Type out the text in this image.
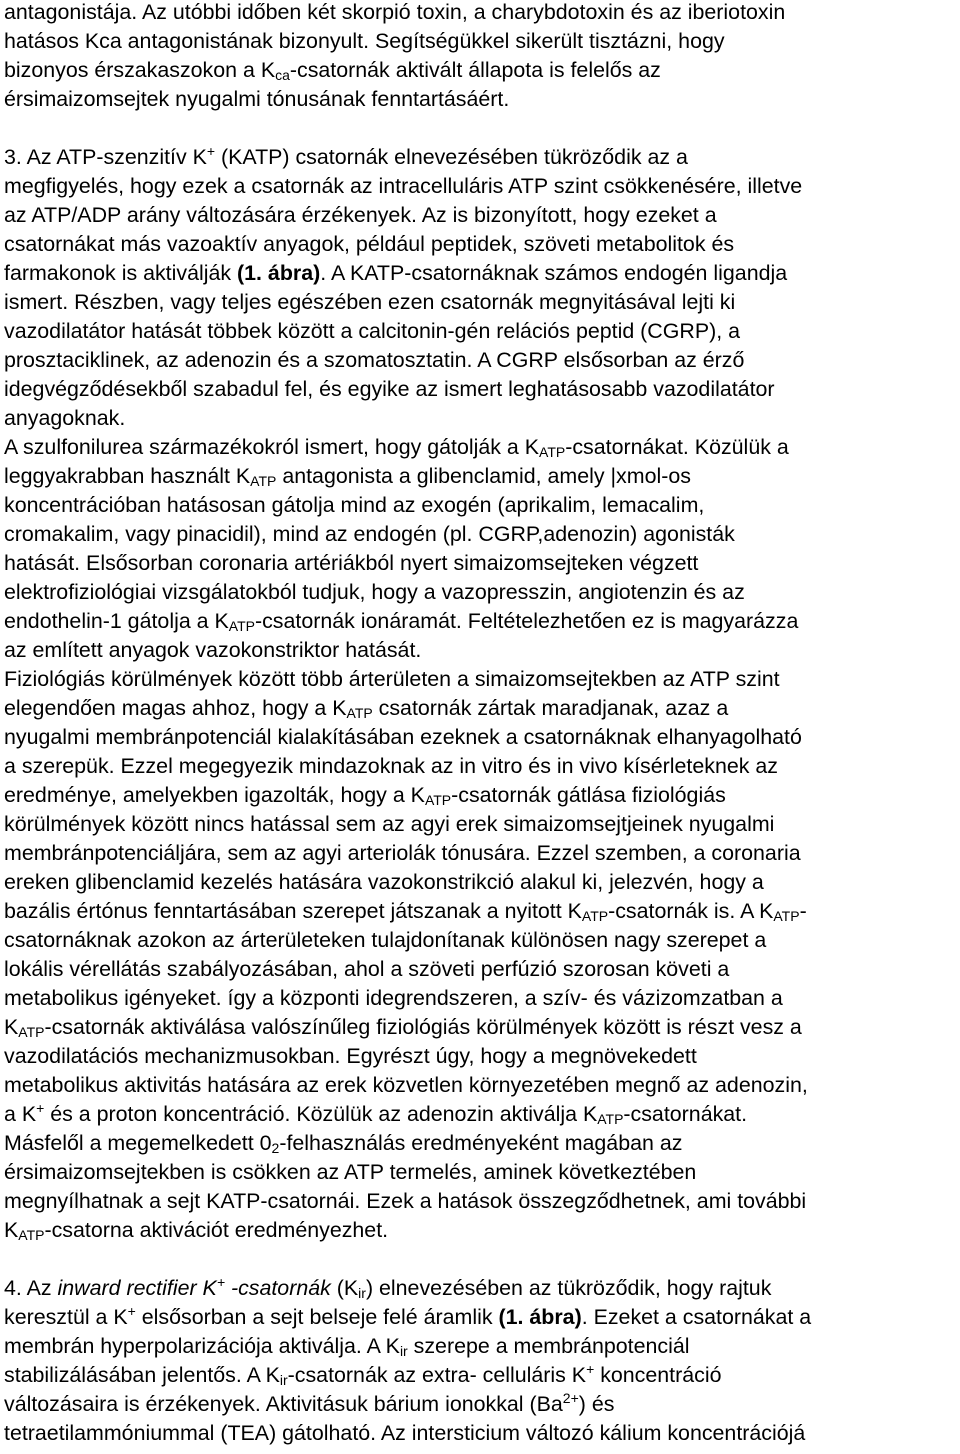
antagonistája. Az utóbbi időben két skorpió toxin, a charybdotoxin és az iberiotoxin
hatásos Kca antagonistának bizonyult. Segítségükkel sikerült tisztázni, hogy
bizonyos érszakaszokon a $K_{ca}$-csatornák aktivált állapota is felelős az
érsimaizomsejtek nyugalmi tónusának fenntartásáért.
3. Az ATP-szenzitív K+ (KATP) csatornák elnevezésében tükröződik az a
megfigyelés, hogy ezek a csatornák az intracelluláris ATP szint csökkenésére, illetve
az ATP/ADP arány változására érzékenyek. Az is bizonyított, hogy ezeket a
csatornákat más vazoaktív anyagok, például peptidek, szöveti metabolitok és
farmakonok is aktiválják (1. ábra). A KATP-csatornáknak számos endogén ligandja
ismert. Részben, vagy teljes egészében ezen csatornák megnyitásával lejti ki
vazodilatátor hatását többek között a calcitonin-gén relációs peptid (CGRP), a
prosztaciklinek, az adenozin és a szomatosztatin. A CGRP elsősorban az érző
idegvégződésekből szabadul fel, és egyike az ismert leghatásosabb vazodilatátor
anyagoknak.
A szulfonilurea származékokról ismert, hogy gátolják a $K_{ATP}$-csatornákat. Közülük a
leggyakrabban használt $K_{ATP}$ antagonista a glibenclamid, amely |xmol-os
koncentrációban hatásosan gátolja mind az exogén (aprikalim, lemacalim,
cromakalim, vagy pinacidil), mind az endogén (pl. CGRP,adenozin) agonisták
hatását. Elsősorban coronaria artériákból nyert simaizomsejteken végzett
elektrofiziológiai vizsgálatokból tudjuk, hogy a vazopresszin, angiotenzin és az
endothelin-1 gátolja a $K_{ATP}$-csatornák ionáramát. Feltételezhetően ez is magyarázza
az említett anyagok vazokonstriktor hatását.
Fiziológiás körülmények között több árterületen a simaizomsejtekben az ATP szint
elegendően magas ahhoz, hogy a $K_{ATP}$ csatornák zártak maradjanak, azaz a
nyugalmi membránpotenciál kialakításában ezeknek a csatornáknak elhanyagolható
a szerepük. Ezzel megegyezik mindazoknak az in vitro és in vivo kísérleteknek az
eredménye, amelyekben igazolták, hogy a $K_{ATP}$-csatornák gátlása fiziológiás
körülmények között nincs hatással sem az agyi erek simaizomsejtjeinek nyugalmi
membránpotenciáljára, sem az agyi arteriolák tónusára. Ezzel szemben, a coronaria
ereken glibenclamid kezelés hatására vazokonstrikció alakul ki, jelezvén, hogy a
bazális értónus fenntartásában szerepet játszanak a nyitott $K_{ATP}$-csatornák is. A $K_{ATP}-$
csatornáknak azokon az árterületeken tulajdonítanak különösen nagy szerepet a
lokális vérellátás szabályozásában, ahol a szöveti perfúzió szorosan követi a
metabolikus igényeket. így a központi idegrendszeren, a szív- és vázizomzatban a
$K_{ATP}$-csatornák aktiválása valószínűleg fiziológiás körülmények között is részt vesz a
vazodilatációs mechanizmusokban. Egyrészt úgy, hogy a megnövekedett
metabolikus aktivitás hatására az erek közvetlen környezetében megnő az adenozin,
a K+ és a proton koncentráció. Közülük az adenozin aktiválja $K_{ATP}$-csatornákat.
Másfelől a megemelkedett $0_2$-felhasználás eredményeként magában az
érsimaizomsejtekben is csökken az ATP termelés, aminek következtében
megnyílhatnak a sejt KATP-csatornái. Ezek a hatások összegződhetnek, ami további
$K_{ATP}$-csatorna aktivációt eredményezhet.
4. Az inward rectifier K+ -csatornák $(K_{ir})$ elnevezésében az tükröződik, hogy rajtuk
keresztül a K+ elsősorban a sejt belseje felé áramlik (1. ábra). Ezeket a csatornákat a
membrán hyperpolarizációja aktiválja. A $K_{ir}$ szerepe a membránpotenciál
stabilizálásában jelentős. A $K_{ir}$-csatornák az extra- celluláris K+ koncentráció
változásaira is érzékenyek. Aktivitásuk bárium ionokkal $(Ba^{2+})$ és
tetraetilammóniummal (TEA) gátolható. Az intersticium változó kálium koncentrációjá
